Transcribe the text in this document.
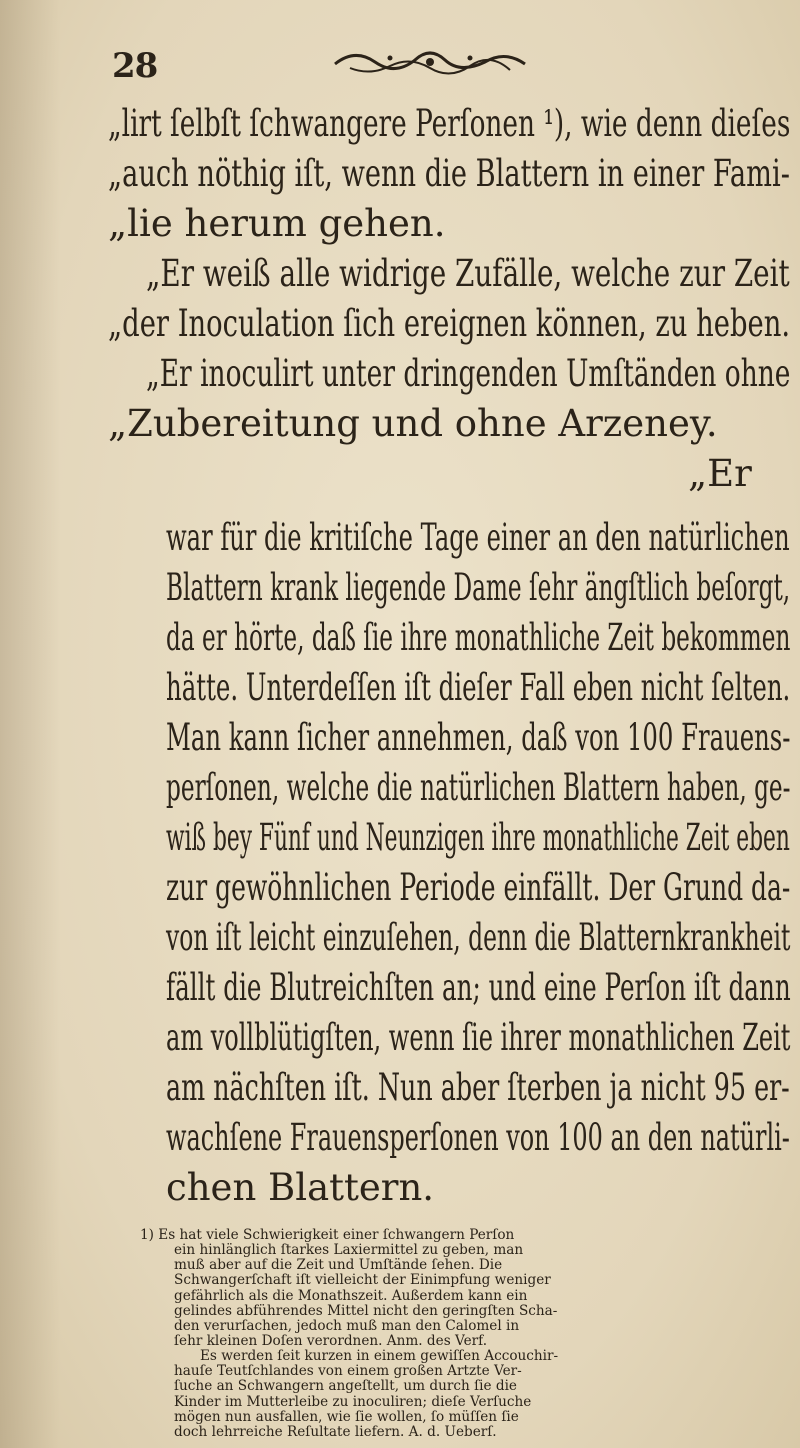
28
„lirt ſelbſt ſchwangere Perſonen ¹), wie denn dieſes
„auch nöthig iſt, wenn die Blattern in einer Fami-
„lie herum gehen.
„Er weiß alle widrige Zufälle, welche zur Zeit
„der Inoculation ſich ereignen können, zu heben.
„Er inoculirt unter dringenden Umſtänden ohne
„Zubereitung und ohne Arzeney.
„Er
war für die kritiſche Tage einer an den natürlichen
Blattern krank liegende Dame ſehr ängſtlich beſorgt,
da er hörte, daß ſie ihre monathliche Zeit bekommen
hätte. Unterdeſſen iſt dieſer Fall eben nicht ſelten.
Man kann ſicher annehmen, daß von 100 Frauens-
perſonen, welche die natürlichen Blattern haben, ge-
wiß bey Fünf und Neunzigen ihre monathliche Zeit eben
zur gewöhnlichen Periode einfällt. Der Grund da-
von iſt leicht einzuſehen, denn die Blatternkrankheit
fällt die Blutreichſten an; und eine Perſon iſt dann
am vollblütigſten, wenn ſie ihrer monathlichen Zeit
am nächſten iſt. Nun aber ſterben ja nicht 95 er-
wachſene Frauensperſonen von 100 an den natürli-
chen Blattern.
1) Es hat viele Schwierigkeit einer ſchwangern Perſon
ein hinlänglich ſtarkes Laxiermittel zu geben, man
muß aber auf die Zeit und Umſtände ſehen. Die
Schwangerſchaft iſt vielleicht der Einimpfung weniger
gefährlich als die Monathszeit. Außerdem kann ein
gelindes abführendes Mittel nicht den geringſten Scha-
den verurſachen, jedoch muß man den Calomel in
ſehr kleinen Doſen verordnen. Anm. des Verf.
Es werden ſeit kurzen in einem gewiſſen Accouchir-
hauſe Teutſchlandes von einem großen Artzte Ver-
ſuche an Schwangern angeſtellt, um durch ſie die
Kinder im Mutterleibe zu inoculiren; dieſe Verſuche
mögen nun ausfallen, wie ſie wollen, ſo müſſen ſie
doch lehrreiche Reſultate liefern. A. d. Ueberſ.
